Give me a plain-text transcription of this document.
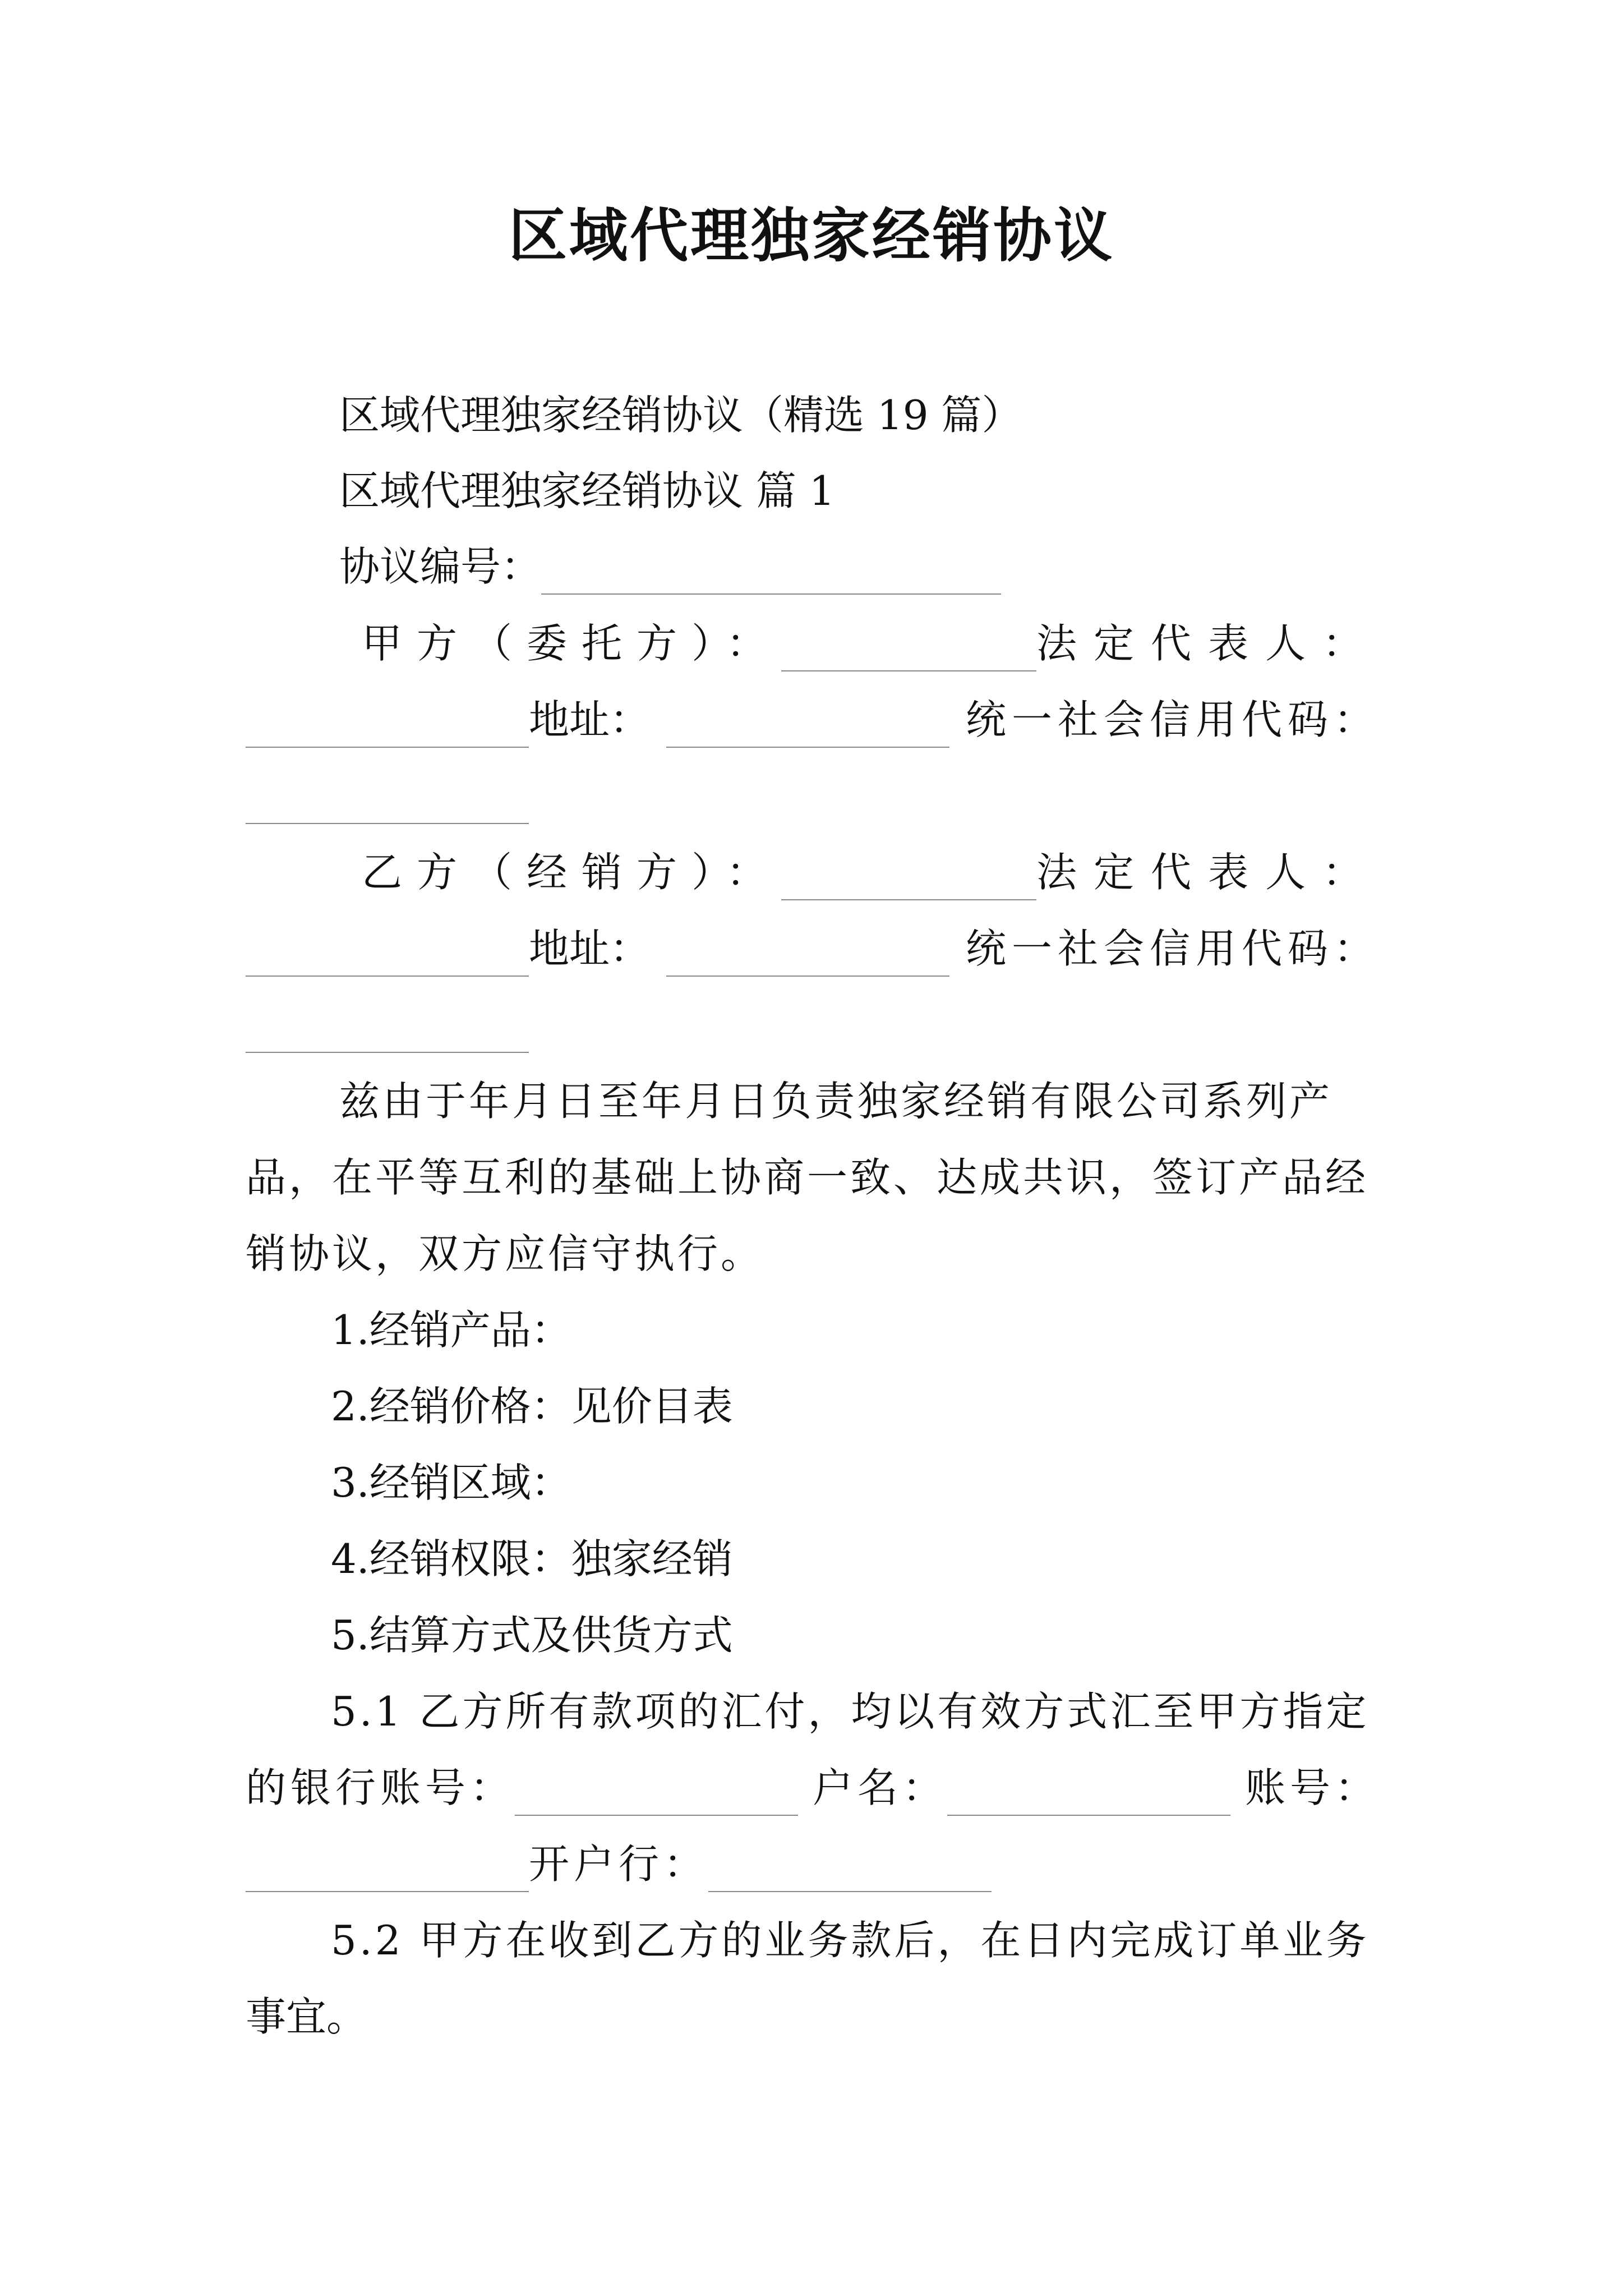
区域代理独家经销协议
区域代理独家经销协议（精选 19 篇）
区域代理独家经销协议 篇 1
协议编号：
甲方（委托方）：	法定代表人：
地址：	统一社会信用代码：
乙方（经销方）：	法定代表人：
地址：	统一社会信用代码：
兹由于年月日至年月日负责独家经销有限公司系列产
品，在平等互利的基础上协商一致、达成共识，签订产品经
销协议，双方应信守执行。
1.经销产品：
2.经销价格：见价目表
3.经销区域：
4.经销权限：独家经销
5.结算方式及供货方式
5.1 乙方所有款项的汇付，均以有效方式汇至甲方指定
的银行账号：	户名：	账号：
开户行：
5.2 甲方在收到乙方的业务款后，在日内完成订单业务
事宜。
